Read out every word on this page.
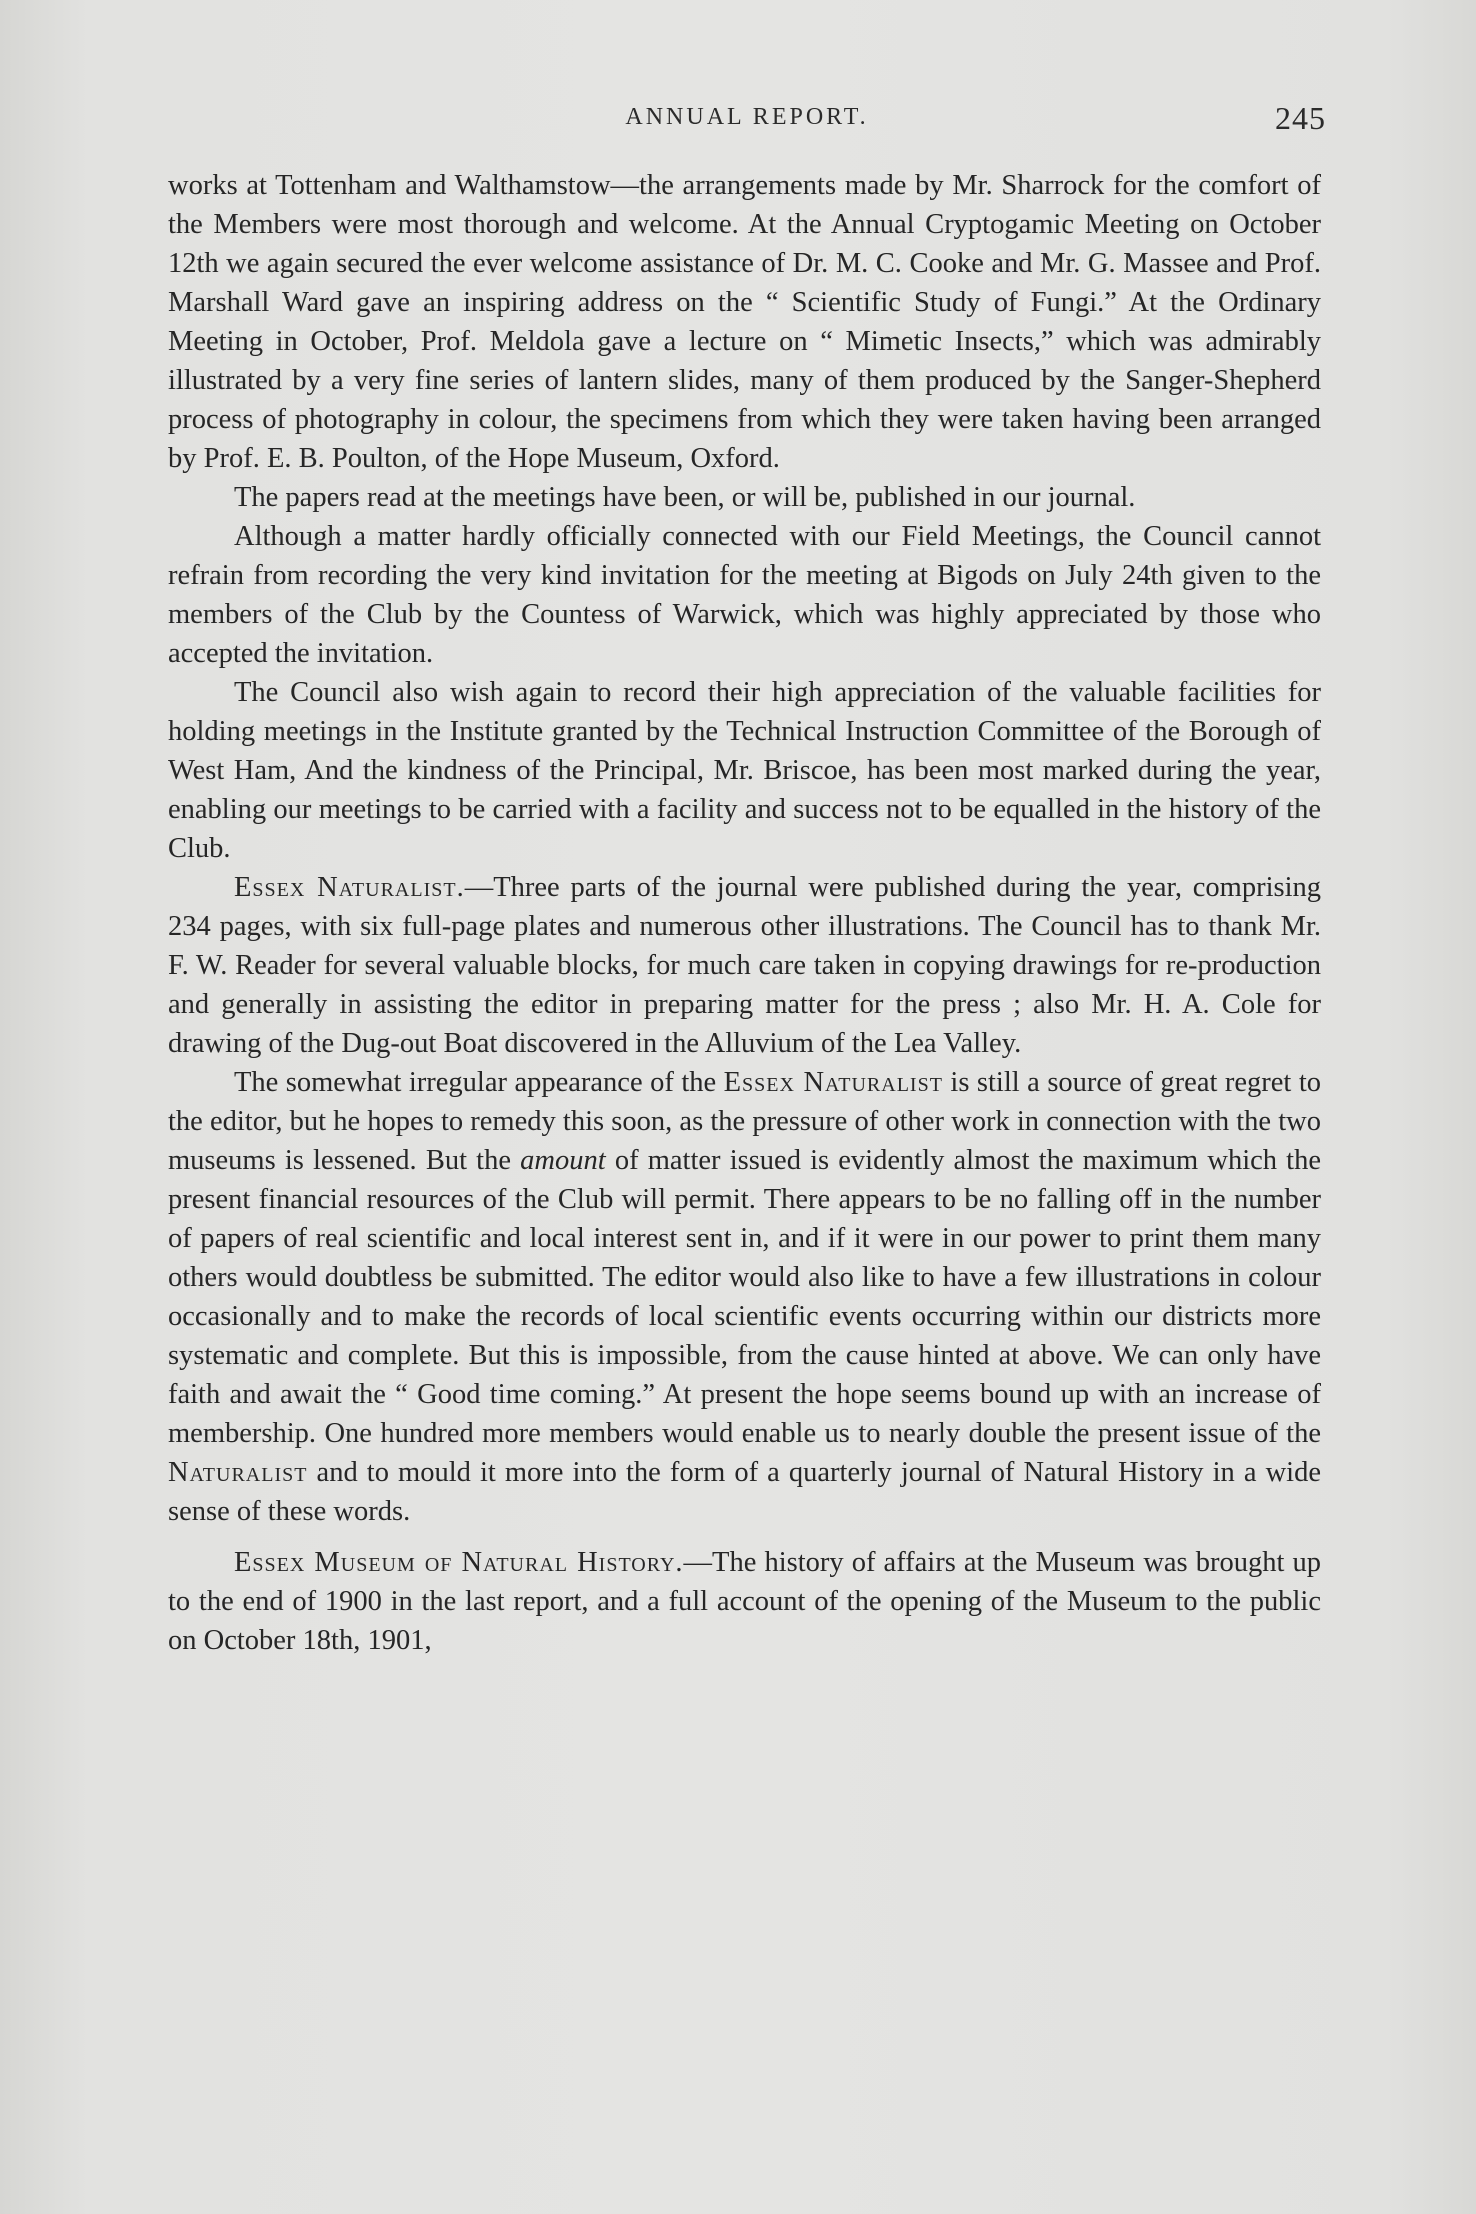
ANNUAL REPORT.	245

works at Tottenham and Walthamstow—the arrangements made by Mr. Sharrock for the comfort of the Members were most thorough and welcome. At the Annual Cryptogamic Meeting on October 12th we again secured the ever welcome assistance of Dr. M. C. Cooke and Mr. G. Massee and Prof. Marshall Ward gave an inspiring address on the “ Scientific Study of Fungi.” At the Ordinary Meeting in October, Prof. Meldola gave a lecture on “ Mimetic Insects,” which was admirably illustrated by a very fine series of lantern slides, many of them produced by the Sanger-Shepherd process of photography in colour, the specimens from which they were taken having been arranged by Prof. E. B. Poulton, of the Hope Museum, Oxford.

The papers read at the meetings have been, or will be, published in our journal.

Although a matter hardly officially connected with our Field Meetings, the Council cannot refrain from recording the very kind invitation for the meeting at Bigods on July 24th given to the members of the Club by the Countess of Warwick, which was highly appreciated by those who accepted the invitation.

The Council also wish again to record their high appreciation of the valuable facilities for holding meetings in the Institute granted by the Technical Instruction Committee of the Borough of West Ham, And the kindness of the Principal, Mr. Briscoe, has been most marked during the year, enabling our meetings to be carried with a facility and success not to be equalled in the history of the Club.

Essex Naturalist.—Three parts of the journal were published during the year, comprising 234 pages, with six full-page plates and numerous other illustrations. The Council has to thank Mr. F. W. Reader for several valuable blocks, for much care taken in copying drawings for re-production and generally in assisting the editor in preparing matter for the press ; also Mr. H. A. Cole for drawing of the Dug-out Boat discovered in the Alluvium of the Lea Valley.

The somewhat irregular appearance of the Essex Naturalist is still a source of great regret to the editor, but he hopes to remedy this soon, as the pressure of other work in connection with the two museums is lessened. But the amount of matter issued is evidently almost the maximum which the present financial resources of the Club will permit. There appears to be no falling off in the number of papers of real scientific and local interest sent in, and if it were in our power to print them many others would doubtless be submitted. The editor would also like to have a few illustrations in colour occasionally and to make the records of local scientific events occurring within our districts more systematic and complete. But this is impossible, from the cause hinted at above. We can only have faith and await the “ Good time coming.” At present the hope seems bound up with an increase of membership. One hundred more members would enable us to nearly double the present issue of the Naturalist and to mould it more into the form of a quarterly journal of Natural History in a wide sense of these words.

Essex Museum of Natural History.—The history of affairs at the Museum was brought up to the end of 1900 in the last report, and a full account of the opening of the Museum to the public on October 18th, 1901,
